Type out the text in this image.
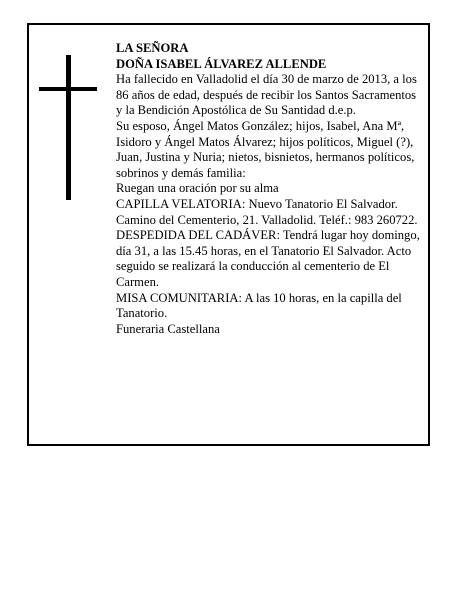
LA SEÑORA

DOÑA ISABEL ÁLVAREZ ALLENDE

Ha fallecido en Valladolid el día 30 de marzo de 2013, a los 86 años de edad, después de recibir los Santos Sacramentos y la Bendición Apostólica de Su Santidad d.e.p.

Su esposo, Ángel Matos González; hijos, Isabel, Ana Mª, Isidoro y Ángel Matos Álvarez; hijos políticos, Miguel (?), Juan, Justina y Nuria; nietos, bisnietos, hermanos políticos, sobrinos y demás familia:

Ruegan una oración por su alma

CAPILLA VELATORIA: Nuevo Tanatorio El Salvador. Camino del Cementerio, 21. Valladolid. Teléf.: 983 260722.

DESPEDIDA DEL CADÁVER: Tendrá lugar hoy domingo, día 31, a las 15.45 horas, en el Tanatorio El Salvador. Acto seguido se realizará la conducción al cementerio de El Carmen.

MISA COMUNITARIA: A las 10 horas, en la capilla del Tanatorio.

Funeraria Castellana
